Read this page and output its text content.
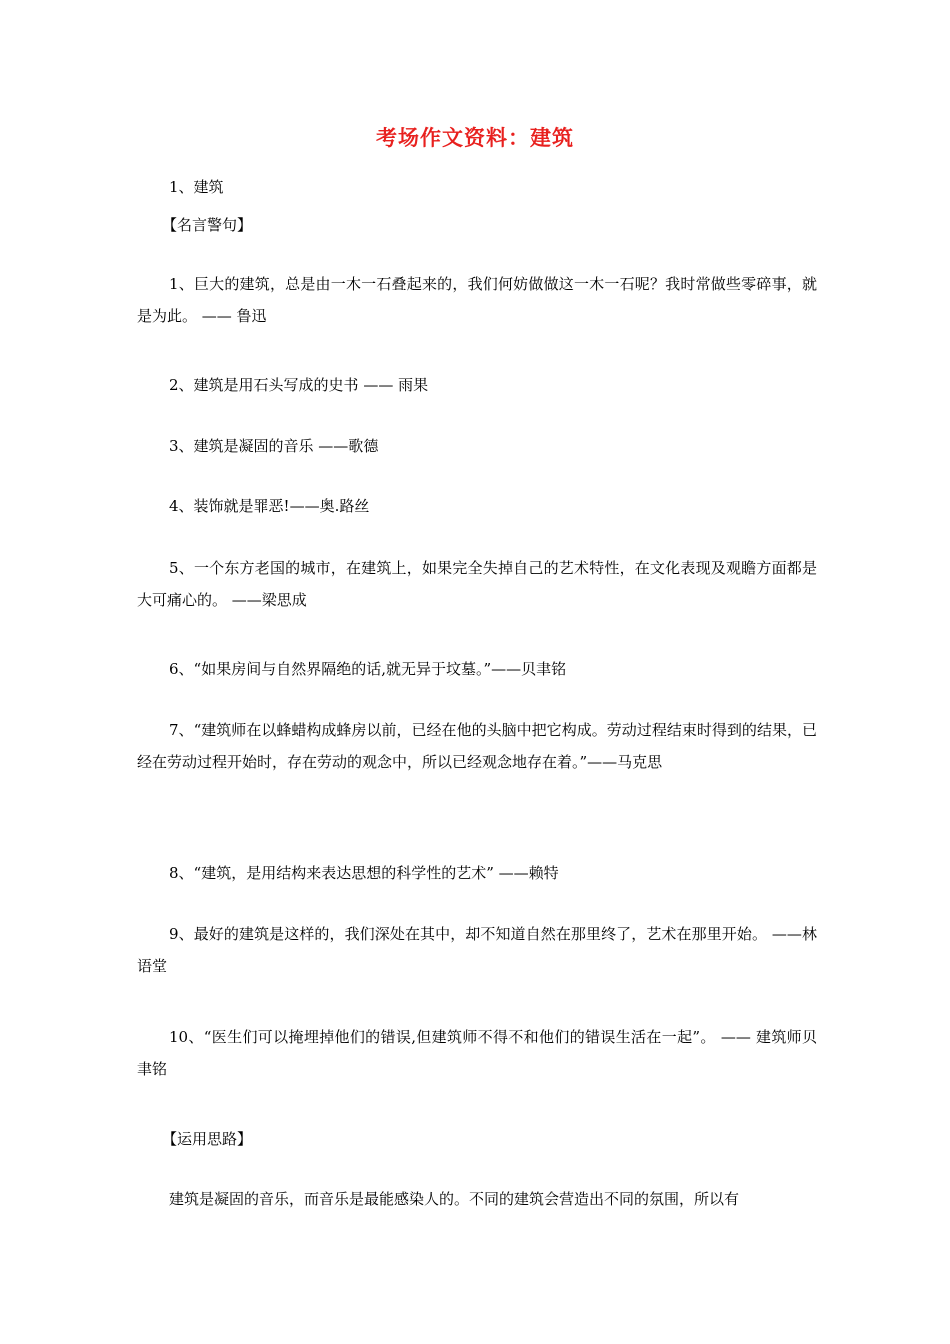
考场作文资料：建筑
1、建筑
【名言警句】
1、巨大的建筑，总是由一木一石叠起来的，我们何妨做做这一木一石呢？我时常做些零碎事，就是为此。 —— 鲁迅
2、建筑是用石头写成的史书 —— 雨果
3、建筑是凝固的音乐 ——歌德
4、装饰就是罪恶!——奥.路丝
5、一个东方老国的城市，在建筑上，如果完全失掉自己的艺术特性，在文化表现及观瞻方面都是大可痛心的。 ——梁思成
6、“如果房间与自然界隔绝的话,就无异于坟墓。”——贝聿铭
7、“建筑师在以蜂蜡构成蜂房以前，已经在他的头脑中把它构成。劳动过程结束时得到的结果，已经在劳动过程开始时，存在劳动的观念中，所以已经观念地存在着。”——马克思
8、“建筑，是用结构来表达思想的科学性的艺术” ——赖特
9、最好的建筑是这样的，我们深处在其中，却不知道自然在那里终了，艺术在那里开始。 ——林语堂
10、“医生们可以掩埋掉他们的错误,但建筑师不得不和他们的错误生活在一起”。 —— 建筑师贝聿铭
【运用思路】
建筑是凝固的音乐，而音乐是最能感染人的。不同的建筑会营造出不同的氛围，所以有
